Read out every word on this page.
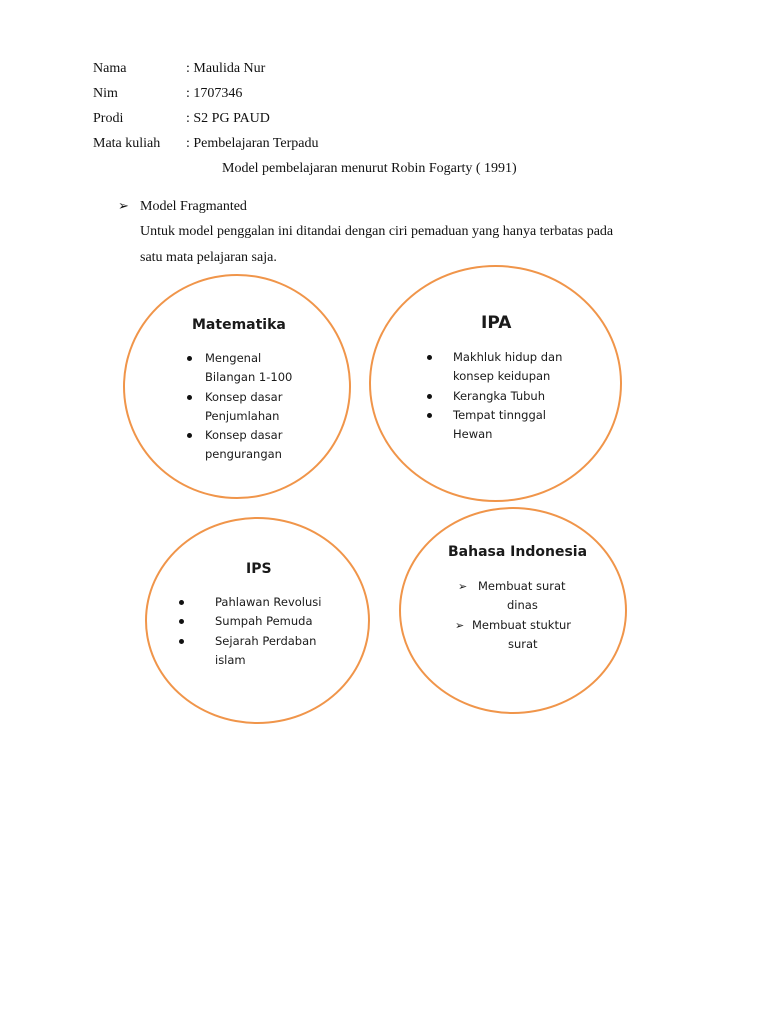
Nama	: Maulida Nur
Nim	: 1707346
Prodi	: S2 PG PAUD
Mata kuliah : Pembelajaran Terpadu
Model pembelajaran menurut Robin Fogarty ( 1991)
➢ Model Fragmanted
Untuk model penggalan ini ditandai dengan ciri pemaduan yang hanya terbatas pada
satu mata pelajaran saja.
Matematika
Mengenal
Bilangan 1-100
Konsep dasar
Penjumlahan
Konsep dasar
pengurangan
IPA
Makhluk hidup dan
konsep keidupan
Kerangka Tubuh
Tempat tinnggal
Hewan
IPS
Pahlawan Revolusi
Sumpah Pemuda
Sejarah Perdaban
islam
Bahasa Indonesia
➢ Membuat surat
dinas
➢ Membuat stuktur
surat
